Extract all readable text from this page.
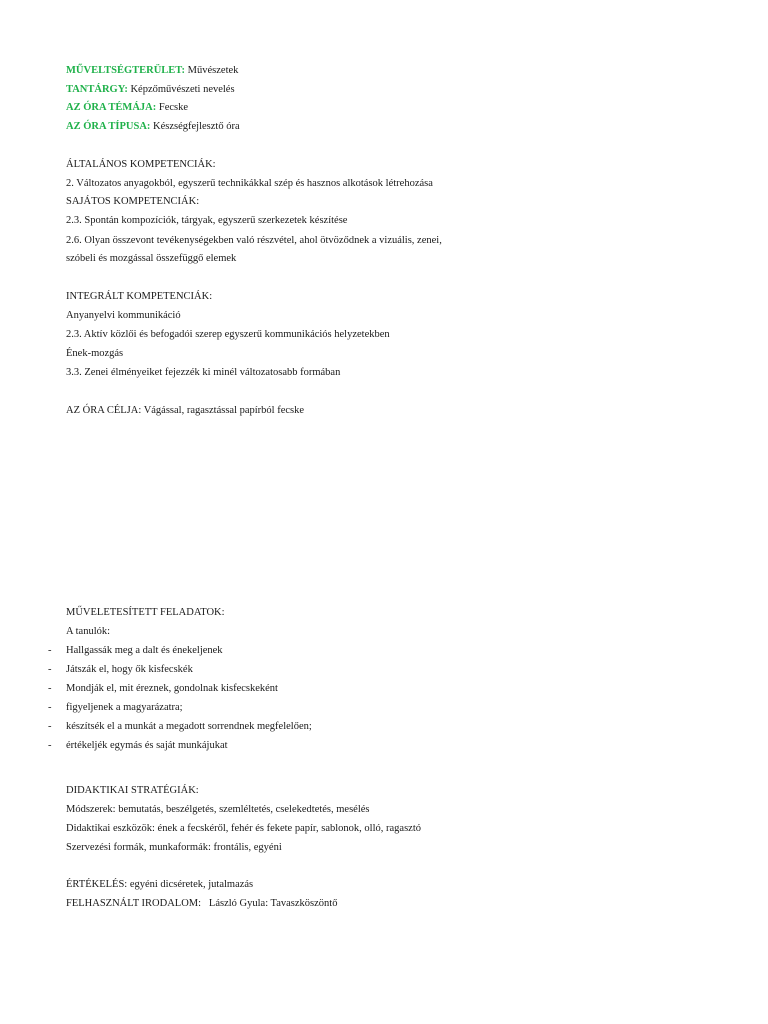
MŰVELTSÉGTERÜLET: Művészetek
TANTÁRGY: Képzőművészeti nevelés
AZ ÓRA TÉMÁJA: Fecske
AZ ÓRA TÍPUSA: Készségfejlesztő óra
ÁLTALÁNOS KOMPETENCIÁK:
2. Változatos anyagokból, egyszerű technikákkal szép és hasznos alkotások létrehozása
SAJÁTOS KOMPETENCIÁK:
2.3. Spontán kompozíciók, tárgyak, egyszerű szerkezetek készítése
2.6. Olyan összevont tevékenységekben való részvétel, ahol ötvöződnek a vizuális, zenei,
szóbeli és mozgással összefüggő elemek
INTEGRÁLT KOMPETENCIÁK:
Anyanyelvi kommunikáció
2.3. Aktív közlői és befogadói szerep egyszerű kommunikációs helyzetekben
Ének-mozgás
3.3. Zenei élményeiket fejezzék ki minél változatosabb formában
AZ ÓRA CÉLJA: Vágással, ragasztással papírból fecske
MŰVELETESÍTETT FELADATOK:
A tanulók:
- Hallgassák meg a dalt és énekeljenek
- Játszák el, hogy ők kisfecskék
- Mondják el, mit éreznek, gondolnak kisfecskeként
- figyeljenek a magyarázatra;
- készítsék el a munkát a megadott sorrendnek megfelelően;
- értékeljék egymás és saját munkájukat
DIDAKTIKAI STRATÉGIÁK:
Módszerek: bemutatás, beszélgetés, szemléltetés, cselekedtetés, mesélés
Didaktikai eszközök: ének a fecskéről, fehér és fekete papír, sablonok, olló, ragasztó
Szervezési formák, munkaformák: frontális, egyéni
ÉRTÉKELÉS: egyéni dicséretek, jutalmazás
FELHASZNÁLT IRODALOM:   László Gyula: Tavaszköszöntő
